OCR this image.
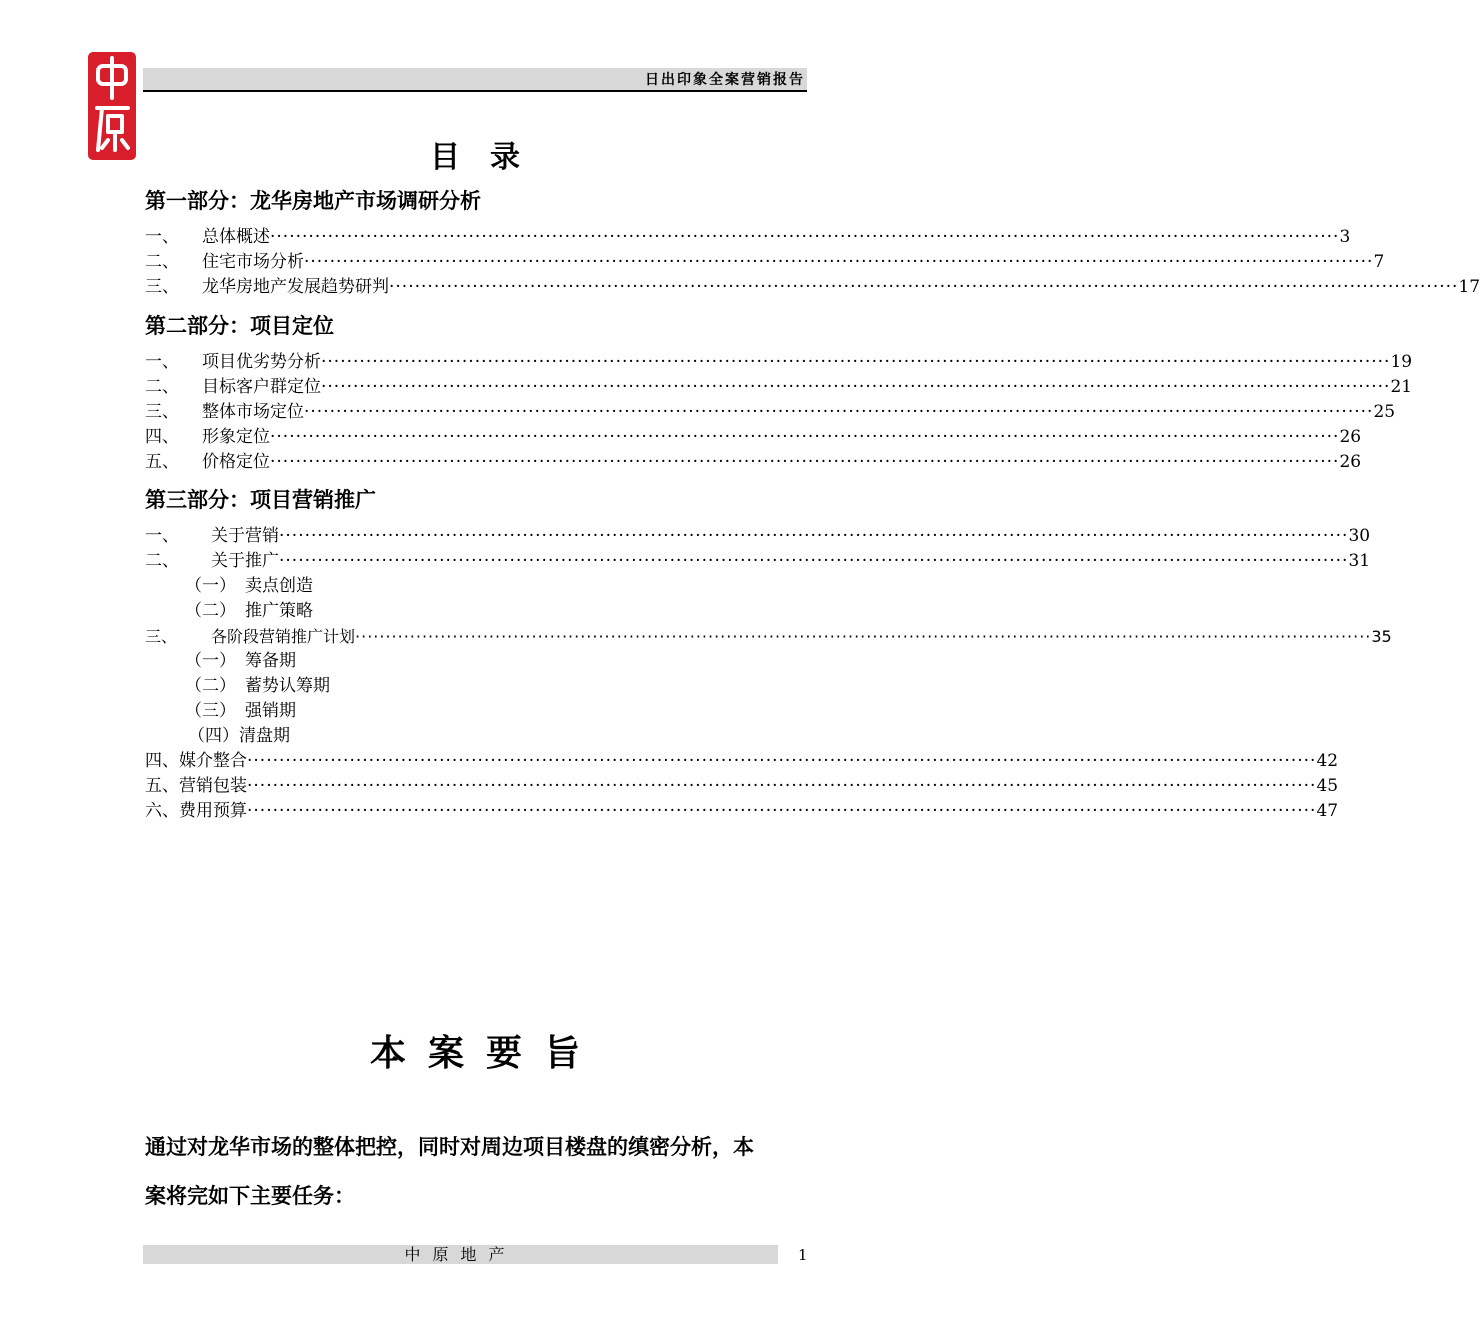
日出印象全案营销报告
目录
第一部分：龙华房地产市场调研分析
一、	总体概述 ······································································································································································· 3
二、	住宅市场分析 ······································································································································································· 7
三、	龙华房地产发展趋势研判 ······································································································································································· 17
第二部分：项目定位
一、	项目优劣势分析 ······································································································································································· 19
二、	目标客户群定位 ······································································································································································· 21
三、	整体市场定位 ······································································································································································· 25
四、	形象定位 ······································································································································································· 26
五、	价格定位 ······································································································································································· 26
第三部分：项目营销推广
一、	关于营销 ······································································································································································· 30
二、	关于推广 ······································································································································································· 31
（一） 卖点创造
（二） 推广策略
三、	各阶段营销推广计划 ······································································································································································· 35
（一） 筹备期
（二） 蓄势认筹期
（三） 强销期
（四）清盘期
四、 媒介整合 ······································································································································································· 42
五、 营销包装 ······································································································································································· 45
六、 费用预算 ······································································································································································· 47
本案要旨
通过对龙华市场的整体把控，同时对周边项目楼盘的缜密分析，本
案将完如下主要任务：
中原地产	1
